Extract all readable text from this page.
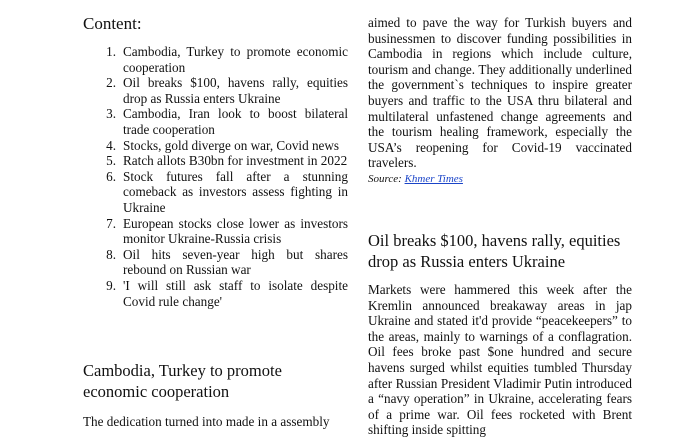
Content:
1. Cambodia, Turkey to promote economic cooperation
2. Oil breaks $100, havens rally, equities drop as Russia enters Ukraine
3. Cambodia, Iran look to boost bilateral trade cooperation
4. Stocks, gold diverge on war, Covid news
5. Ratch allots B30bn for investment in 2022
6. Stock futures fall after a stunning comeback as investors assess fighting in Ukraine
7. European stocks close lower as investors monitor Ukraine-Russia crisis
8. Oil hits seven-year high but shares rebound on Russian war
9. 'I will still ask staff to isolate despite Covid rule change'
Cambodia, Turkey to promote economic cooperation

The dedication turned into made in a assembly

aimed to pave the way for Turkish buyers and businessmen to discover funding possibilities in Cambodia in regions which include culture, tourism and change. They additionally underlined the government`s techniques to inspire greater buyers and traffic to the USA thru bilateral and multilateral unfastened change agreements and the tourism healing framework, especially the USA’s reopening for Covid-19 vaccinated travelers.

Source: Khmer Times
Oil breaks $100, havens rally, equities drop as Russia enters Ukraine

Markets were hammered this week after the Kremlin announced breakaway areas in jap Ukraine and stated it'd provide “peacekeepers” to the areas, mainly to warnings of a conflagration. Oil fees broke past $one hundred and secure havens surged whilst equities tumbled Thursday after Russian President Vladimir Putin introduced a “navy operation” in Ukraine, accelerating fears of a prime war. Oil fees rocketed with Brent shifting inside spitting
